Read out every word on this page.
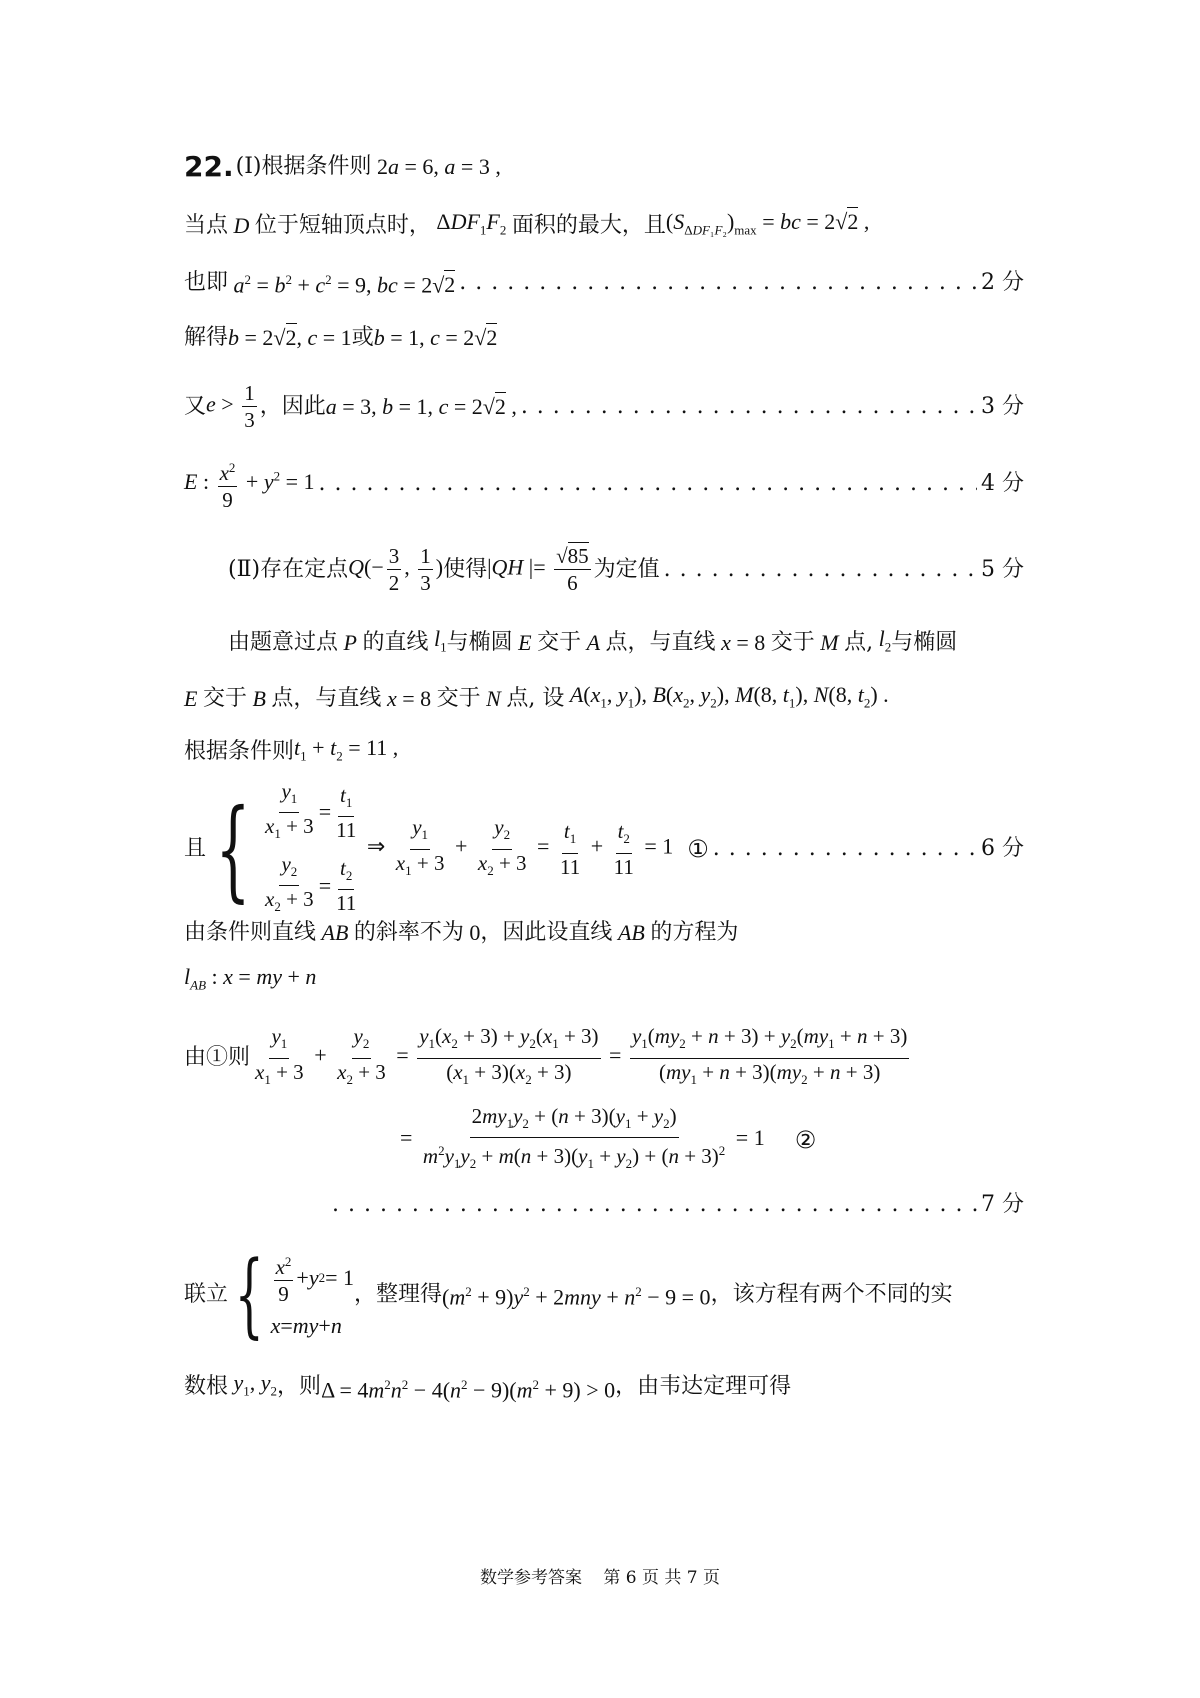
22. (Ⅰ) 根据条件则 2a = 6, a = 3 ,
当点 D 位于短轴顶点时， $\Delta DF_1F_2$ 面积的最大，且 $(S_{\Delta DF_1F_2})_{max}$ = bc = 2√2 ,
也即 $a^2 = b^2 + c^2 = 9$, bc = 2√2 . . .	2 分
解得 b = 2√2, c = 1 或 b = 1, c = 2√2
又 $e > \frac{1}{3}$ ，因此 a = 3, b = 1, c = 2√2 , . . .	3 分
E : $\frac{x^2}{9} + y^2 = 1$ . . .	4 分
(Ⅱ) 存在定点 $Q(- \frac{3}{2}$ , $\frac{1}{3}$ ) 使得 |QH |= $\frac{√85}{6}$ 为定值 . . .	5 分
由题意过点 P 的直线 $l_1$ 与椭圆 E 交于 A 点，与直线 x = 8 交于 M 点, $l_2$ 与椭圆
E 交于 B 点，与直线 x = 8 交于 N 点, 设 $A(x_1$, $y_1$), $B(x_2$, $y_2$), M(8, $t_1$), N(8, $t_2$) .
根据条件则 $t_1 + t_2 = 11$ ,
且 { $\frac{y_1}{x_1 + 3} = \frac{t_1}{11}$
$\frac{y_2}{x_2 + 3} = \frac{t_2}{11}$
⇒ $\frac{y_1}{x_1 + 3} + \frac{y_2}{x_2 + 3} = \frac{t_1}{11} + \frac{t_2}{11} = 1$ ① . . .	6 分
由条件则直线 AB 的斜率不为 0 ，因此设直线 AB 的方程为
$l_{AB}$ : x = my + n
由①则 $\frac{y_1}{x_1 + 3} + \frac{y_2}{x_2 + 3} = \frac{y_1(x_2 + 3) + y_2(x_1 + 3)}{(x_1 + 3)(x_2 + 3)} = \frac{y_1(my_2 + n + 3) + y_2(my_1 + n + 3)}{(my_1 + n + 3)(my_2 + n + 3)}$
= $\frac{2my_1y_2 + (n + 3)(y_1 + y_2)}{m^2y_1y_2 + m(n + 3)(y_1 + y_2) + (n + 3)^2} = 1$ ②
. . .
7 分
联立 { $\frac{x^2}{9} + y$ 2 = 1
x = my + n
，整理得 $(m^2 + 9)y^2 + 2mny + n^2 - 9 = 0$ ，该方程有两个不同的实
数根 $y_1$, $y_2$ ，则 $\Delta = 4m^2n^2 - 4(n^2 - 9)(m^2 + 9) > 0$ ，由韦达定理可得
数学参考答案 第 6 页 共 7 页
